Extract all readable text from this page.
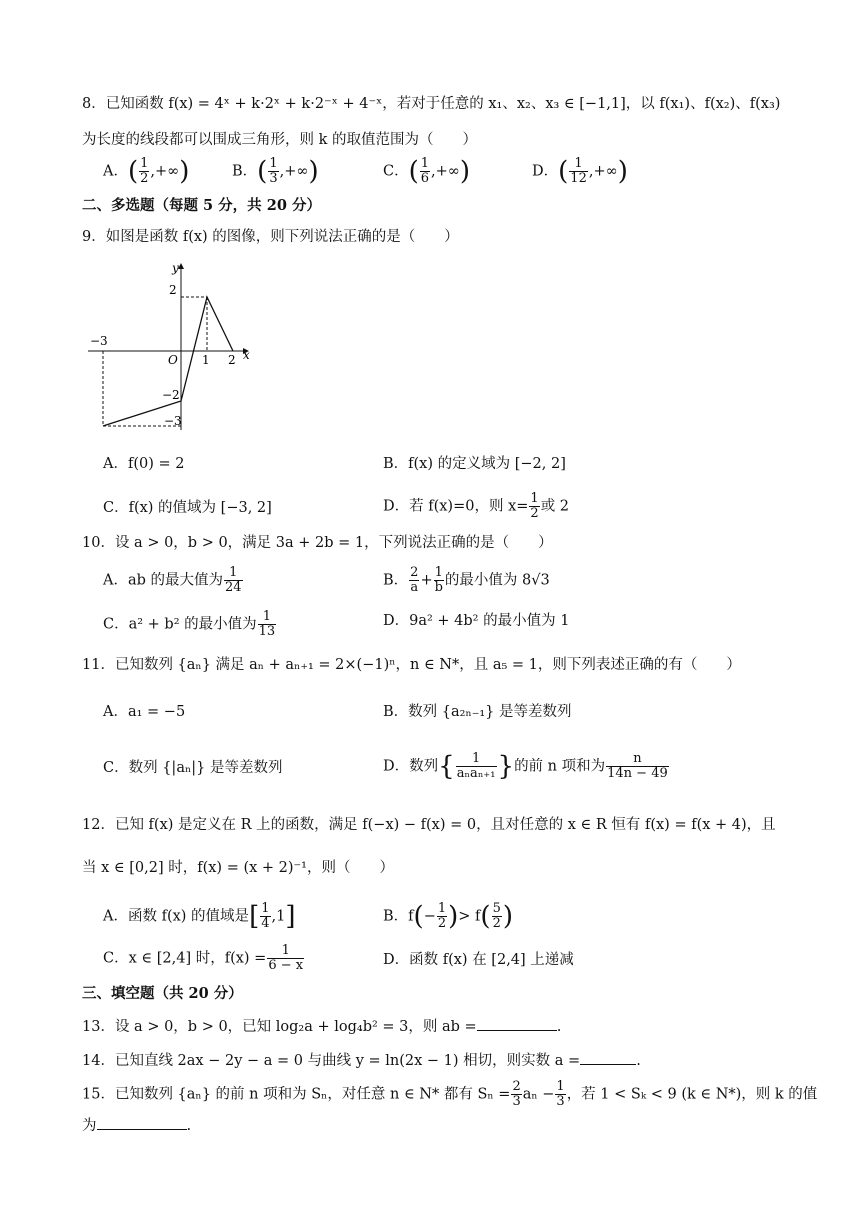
8．已知函数 f(x) = 4ˣ + k·2ˣ + k·2⁻ˣ + 4⁻ˣ，若对于任意的 x₁、x₂、x₃ ∈ [−1,1]，以 f(x₁)、f(x₂)、f(x₃)
为长度的线段都可以围成三角形，则 k 的取值范围为（　　）
A．( $\frac{1}{2}$ ,+∞)	B．( $\frac{1}{3}$ ,+∞)	C．( $\frac{1}{6}$ ,+∞)	D．( $\frac{1}{12}$ ,+∞)
二、多选题（每题 5 分，共 20 分）
9．如图是函数 f(x) 的图像，则下列说法正确的是（　　）
y
x
O
2
−3
1 2
−2
−3
A．f(0) = 2	B．f(x) 的定义域为 [−2, 2]
C．f(x) 的值域为 [−3, 2]	D．若 f(x)=0，则 $x= \frac{1}{2}$ 或 2
10．设 a > 0，b > 0，满足 3a + 2b = 1，下列说法正确的是（　　）
A．ab 的最大值为 $\frac{1}{24}$	B． $\frac{2}{a} + \frac{1}{b}$ 的最小值为 8√3
C．a² + b² 的最小值为 $\frac{1}{13}$	D．9a² + 4b² 的最小值为 1
11．已知数列 {aₙ} 满足 aₙ + aₙ₊₁ = 2×(−1)ⁿ，n ∈ N*，且 a₅ = 1，则下列表述正确的有（　　）
A．a₁ = −5	B．数列 {a₂ₙ₋₁} 是等差数列
C．数列 {|aₙ|} 是等差数列	D．数列{ $\frac{1}{\text{aₙaₙ₊₁}}$ }的前 n 项和为 $\frac{n}{14n - 49}$
12．已知 f(x) 是定义在 R 上的函数，满足 f(−x) − f(x) = 0，且对任意的 x ∈ R 恒有 f(x) = f(x + 4)，且
当 x ∈ [0,2] 时，f(x) = (x + 2)⁻¹，则（　　）
A．函数 f(x) 的值域是[ $\frac{1}{4} ,1$]	B．$f(- \frac{1}{2}$ )> $f( \frac{5}{2}$ )
C．x ∈ [2,4] 时，$f(x) = \frac{1}{6 - x}$	D．函数 f(x) 在 [2,4] 上递减
三、填空题（共 20 分）
13．设 a > 0，b > 0，已知 log₂a + log₄b² = 3，则 ab =	.
14．已知直线 2ax − 2y − a = 0 与曲线 y = ln(2x − 1) 相切，则实数 a =	.
15．已知数列 {aₙ} 的前 n 项和为 Sₙ，对任意 n ∈ N* 都有 $S_n = \frac{2}{3}$ $a_n - \frac{1}{3}$ ，若 1 < Sₖ < 9 (k ∈ N*)，则 k 的值
为	.
